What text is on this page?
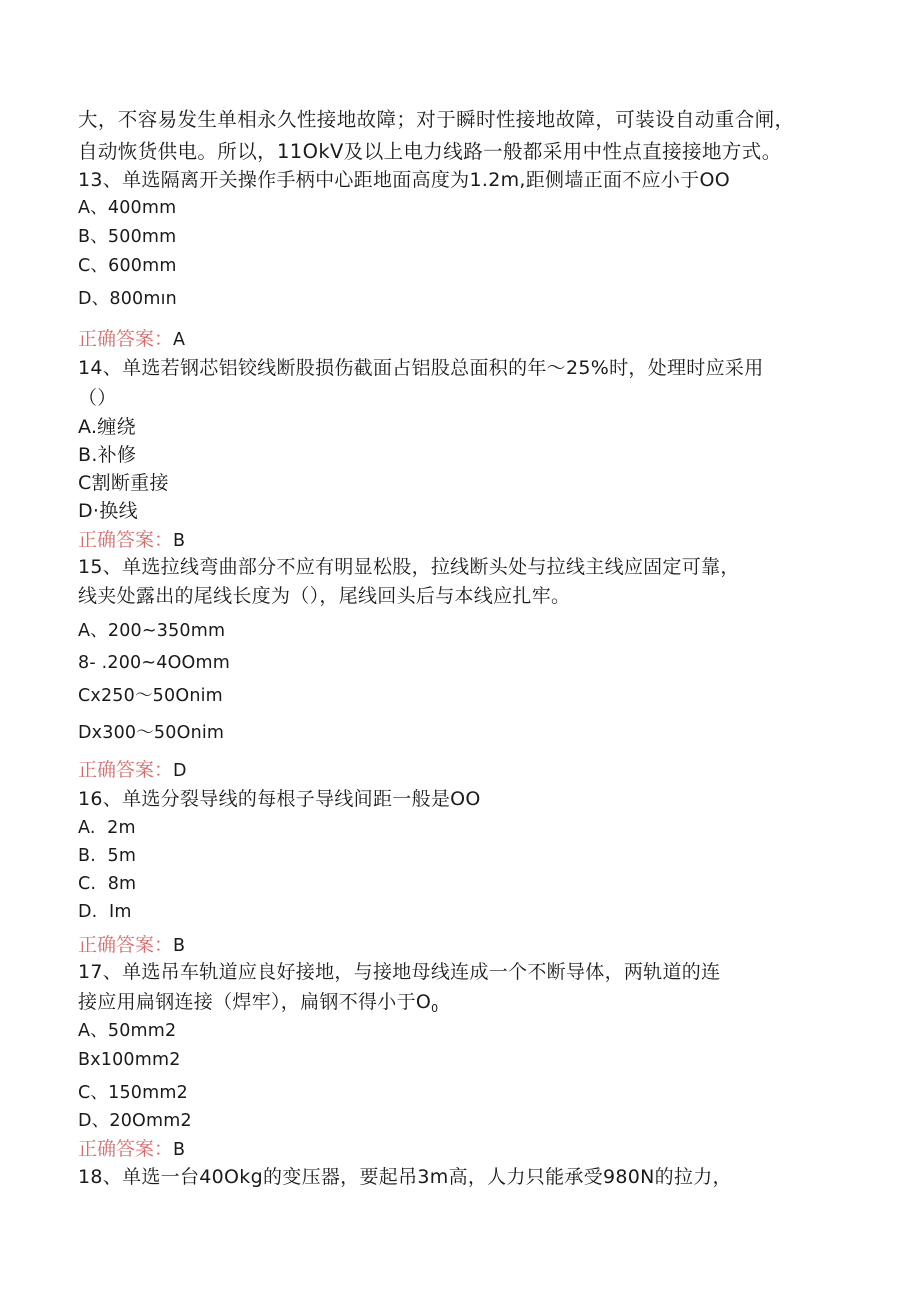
大，不容易发生单相永久性接地故障；对于瞬时性接地故障，可装设自动重合闸，
自动恢货供电。所以，11OkV及以上电力线路一般都采用中性点直接接地方式。
13、单选隔离开关操作手柄中心距地面高度为1.2m,距侧墙正面不应小于OO
A、400mm
B、500mm
C、600mm
D、800mın
正确答案：A
14、单选若钢芯铝铰线断股损伤截面占铝股总面积的年～25%时，处理时应采用
（）
A.缠绕
B.补修
C割断重接
D·换线
正确答案：B
15、单选拉线弯曲部分不应有明显松股，拉线断头处与拉线主线应固定可靠，
线夹处露出的尾线长度为（），尾线回头后与本线应扎牢。
A、200~350mm
8- .200~4OOmm
Cx250～50Onim
Dx300～50Onim
正确答案：D
16、单选分裂导线的每根子导线间距一般是OO
A.  2m
B.  5m
C.  8m
D.  Im
正确答案：B
17、单选吊车轨道应良好接地，与接地母线连成一个不断导体，两轨道的连
接应用扁钢连接（焊牢），扁钢不得小于$O_0$
A、50mm2
Bx100mm2
C、150mm2
D、20Omm2
正确答案：B
18、单选一台40Okg的变压器，要起吊3m高，人力只能承受980N的拉力，
